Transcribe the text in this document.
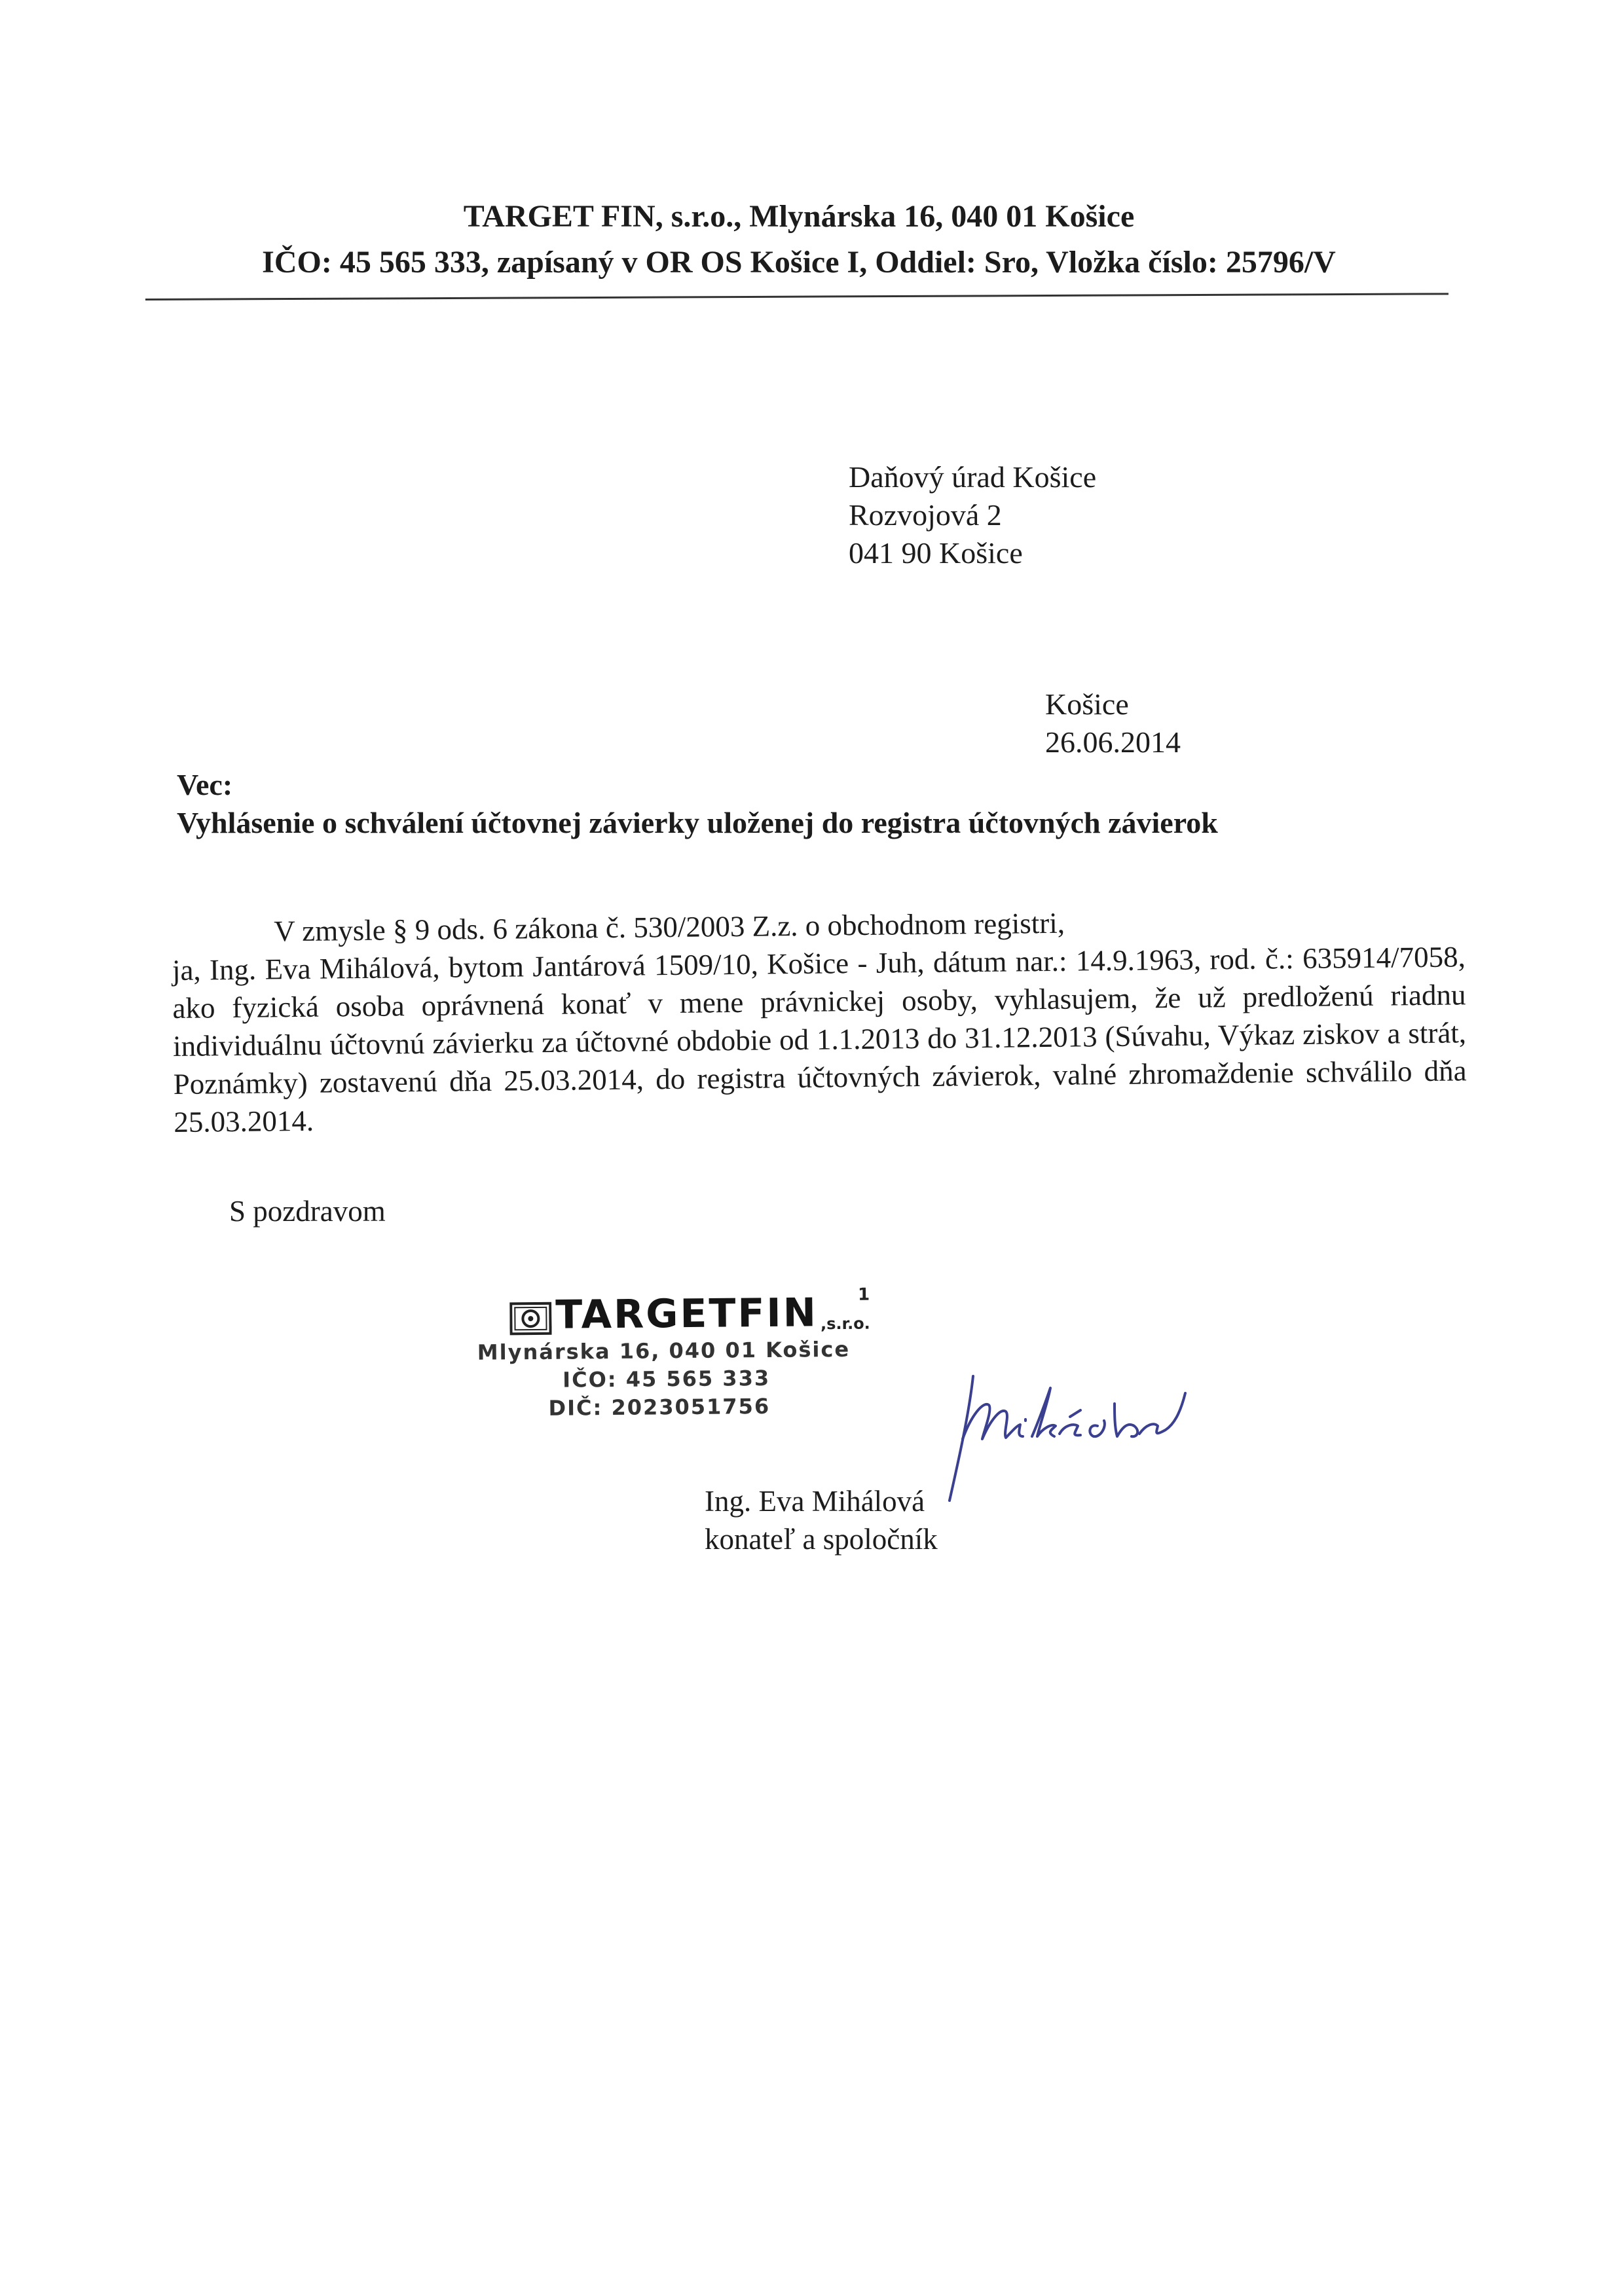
TARGET FIN, s.r.o., Mlynárska 16, 040 01 Košice
IČO: 45 565 333, zapísaný v OR OS Košice I, Oddiel: Sro, Vložka číslo: 25796/V
Daňový úrad Košice
Rozvojová 2
041 90 Košice
Košice
26.06.2014
Vec:
Vyhlásenie o schválení účtovnej závierky uloženej do registra účtovných závierok

V zmysle § 9 ods. 6 zákona č. 530/2003 Z.z. o obchodnom registri,

ja, Ing. Eva Mihálová, bytom Jantárová 1509/10, Košice - Juh, dátum nar.: 14.9.1963, rod. č.: 635914/7058, ako fyzická osoba oprávnená konať v mene právnickej osoby, vyhlasujem, že už predloženú riadnu individuálnu účtovnú závierku za účtovné obdobie od 1.1.2013 do 31.12.2013 (Súvahu, Výkaz ziskov a strát, Poznámky) zostavenú dňa 25.03.2014, do registra účtovných závierok, valné zhromaždenie schválilo dňa 25.03.2014.

S pozdravom
TARGETFIN ,s.r.o.
1
Mlynárska 16, 040 01 Košice
IČO: 45 565 333
DIČ: 2023051756
Ing. Eva Mihálová
konateľ a spoločník
